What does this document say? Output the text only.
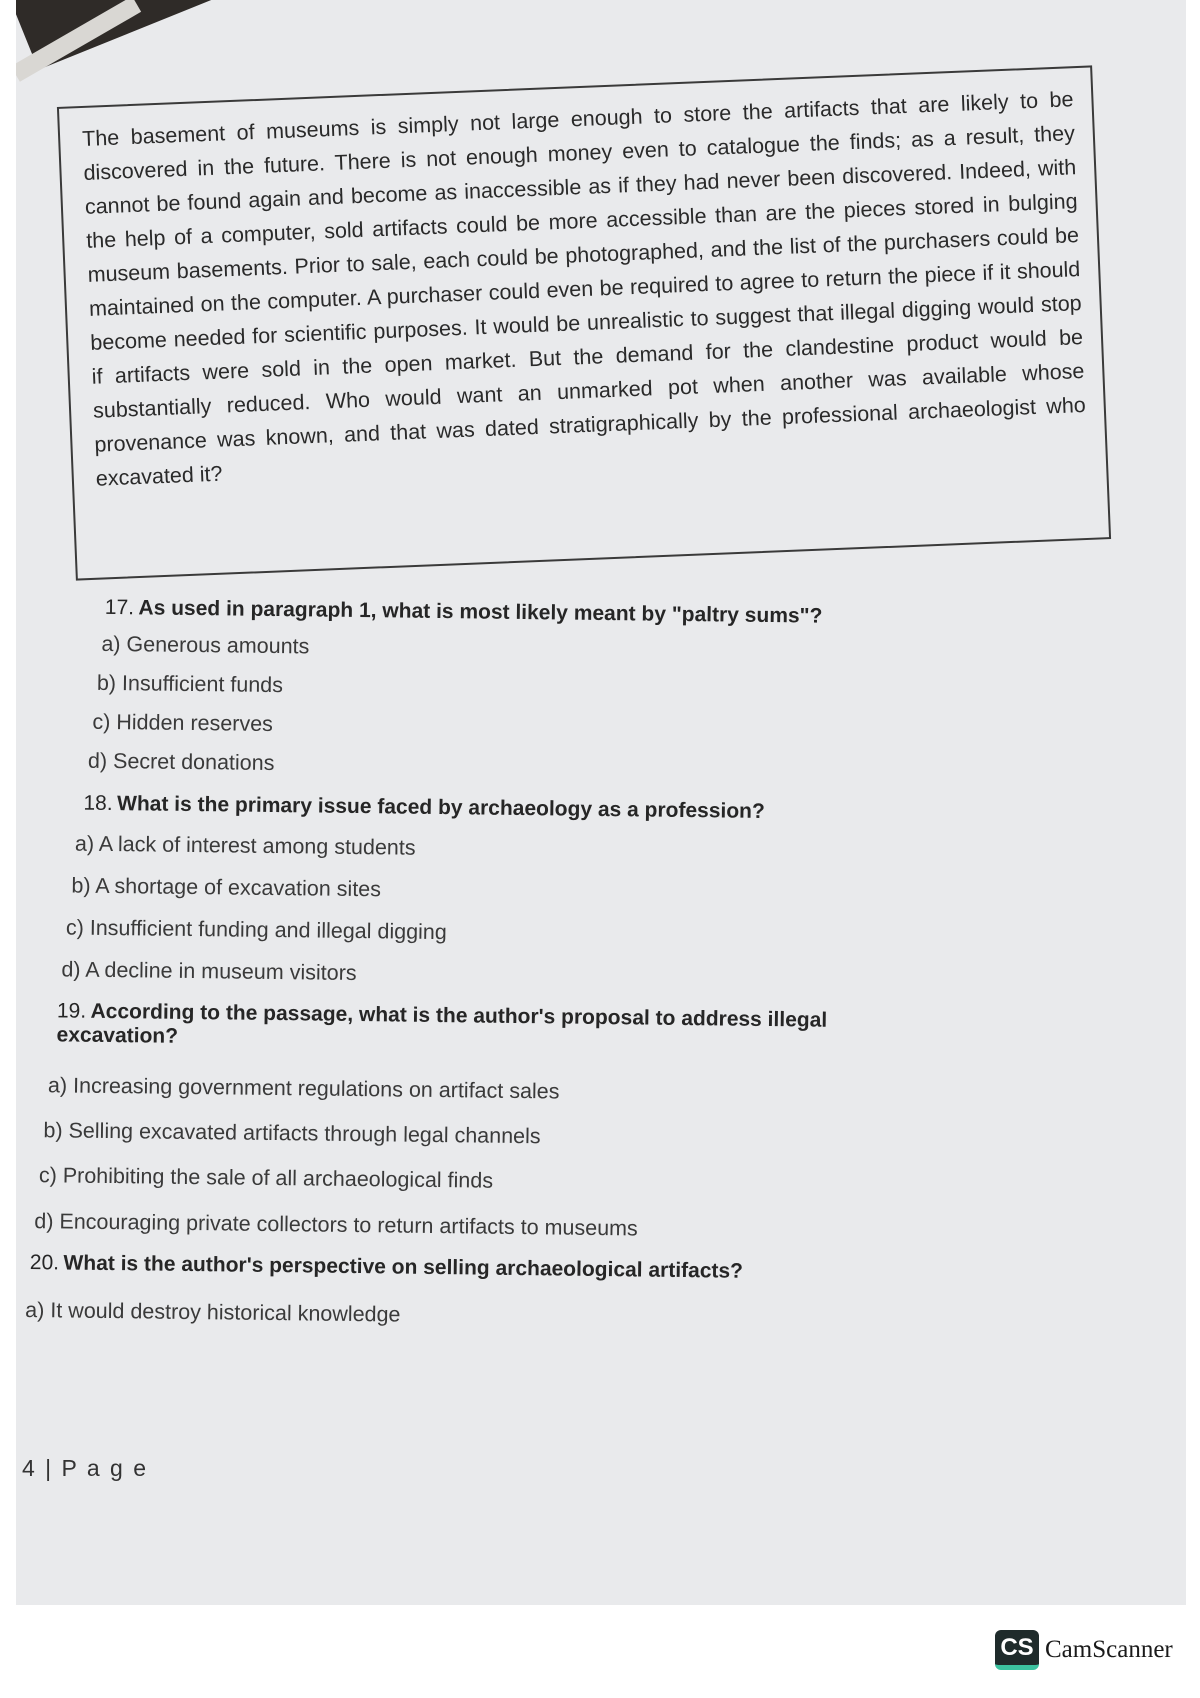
The basement of museums is simply not large enough to store the artifacts that are likely to be discovered in the future. There is not enough money even to catalogue the finds; as a result, they cannot be found again and become as inaccessible as if they had never been discovered. Indeed, with the help of a computer, sold artifacts could be more accessible than are the pieces stored in bulging museum basements. Prior to sale, each could be photographed, and the list of the purchasers could be maintained on the computer. A purchaser could even be required to agree to return the piece if it should become needed for scientific purposes. It would be unrealistic to suggest that illegal digging would stop if artifacts were sold in the open market. But the demand for the clandestine product would be substantially reduced. Who would want an unmarked pot when another was available whose provenance was known, and that was dated stratigraphically by the professional archaeologist who excavated it?

17. As used in paragraph 1, what is most likely meant by "paltry sums"?
a) Generous amounts
b) Insufficient funds
c) Hidden reserves
d) Secret donations
18. What is the primary issue faced by archaeology as a profession?
a) A lack of interest among students
b) A shortage of excavation sites
c) Insufficient funding and illegal digging
d) A decline in museum visitors
19. According to the passage, what is the author's proposal to address illegal excavation?
a) Increasing government regulations on artifact sales
b) Selling excavated artifacts through legal channels
c) Prohibiting the sale of all archaeological finds
d) Encouraging private collectors to return artifacts to museums
20. What is the author's perspective on selling archaeological artifacts?
a) It would destroy historical knowledge
4 | P a g e
CS CamScanner
